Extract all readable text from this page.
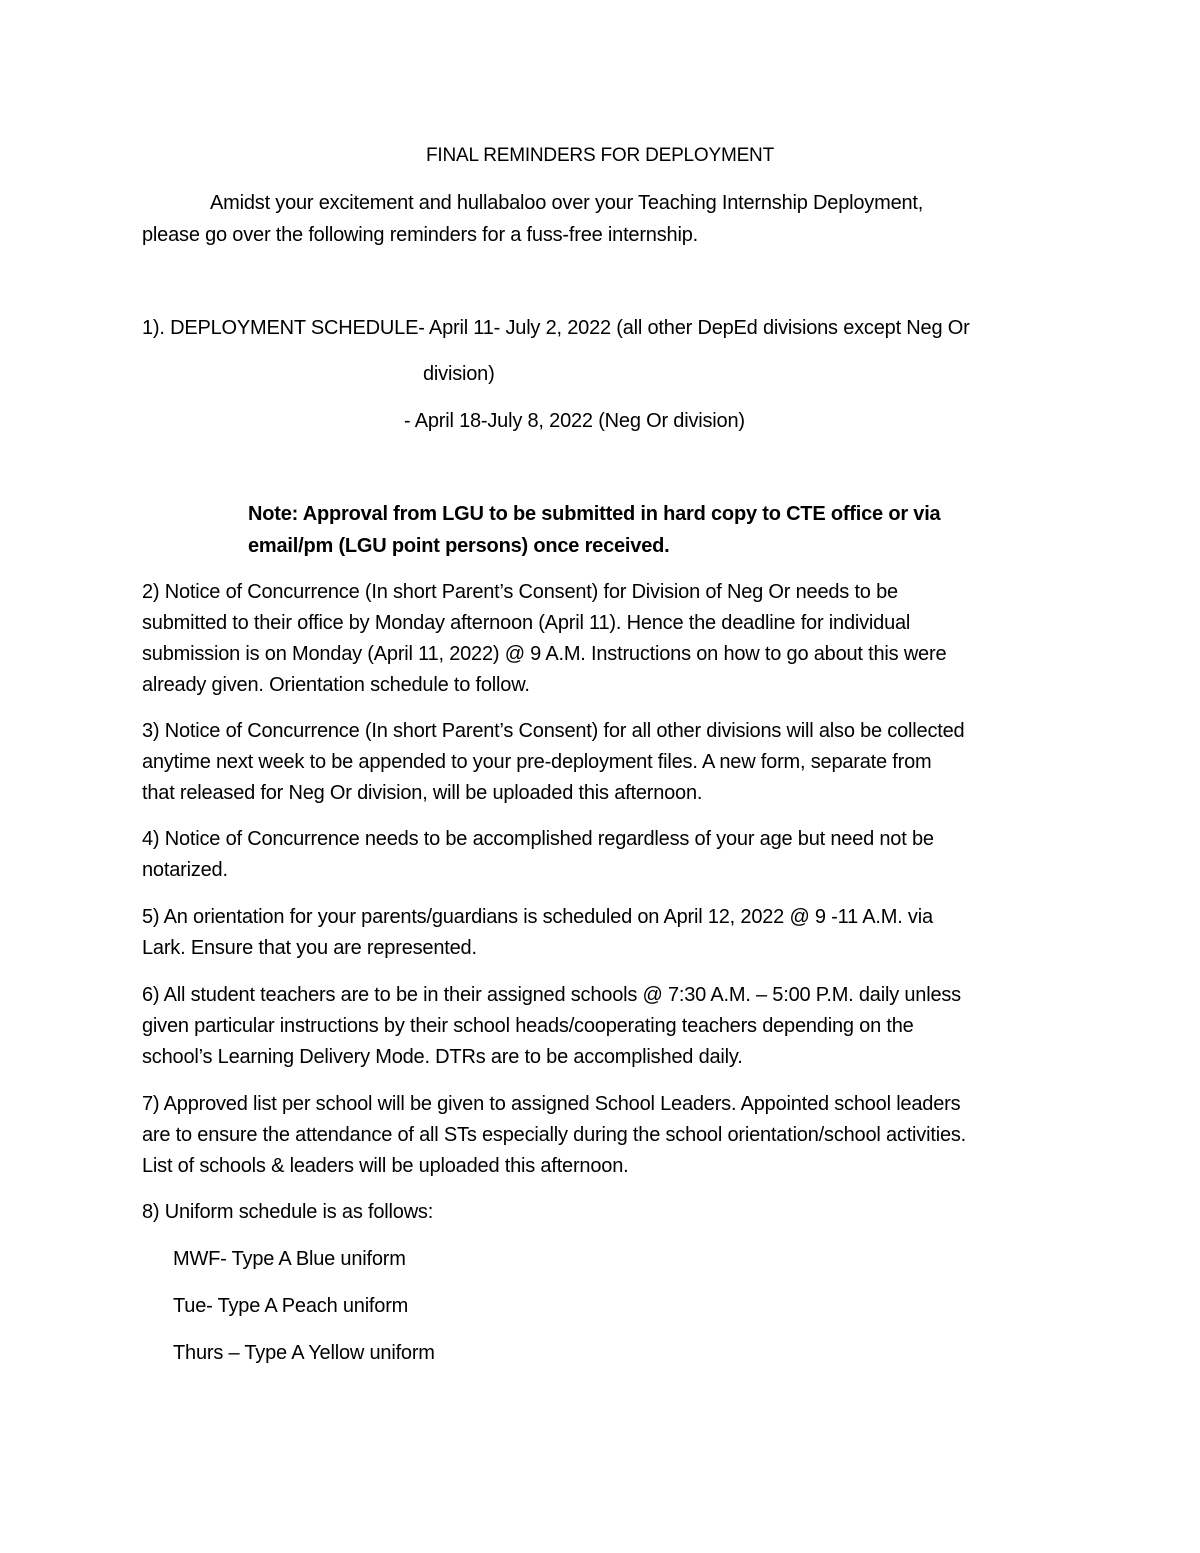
FINAL REMINDERS FOR DEPLOYMENT
Amidst your excitement and hullabaloo over your Teaching Internship Deployment,
please go over the following reminders for a fuss-free internship.
1). DEPLOYMENT SCHEDULE- April 11- July 2, 2022 (all other DepEd divisions except Neg Or
division)
- April 18-July 8, 2022 (Neg Or division)
Note: Approval from LGU to be submitted in hard copy to CTE office or via
email/pm (LGU point persons) once received.
2) Notice of Concurrence (In short Parent’s Consent) for Division of Neg Or needs to be
submitted to their office by Monday afternoon (April 11). Hence the deadline for individual
submission is on Monday (April 11, 2022) @ 9 A.M. Instructions on how to go about this were
already given. Orientation schedule to follow.
3) Notice of Concurrence (In short Parent’s Consent) for all other divisions will also be collected
anytime next week to be appended to your pre-deployment files. A new form, separate from
that released for Neg Or division, will be uploaded this afternoon.
4) Notice of Concurrence needs to be accomplished regardless of your age but need not be
notarized.
5) An orientation for your parents/guardians is scheduled on April 12, 2022 @ 9 -11 A.M. via
Lark. Ensure that you are represented.
6) All student teachers are to be in their assigned schools @ 7:30 A.M. – 5:00 P.M. daily unless
given particular instructions by their school heads/cooperating teachers depending on the
school’s Learning Delivery Mode. DTRs are to be accomplished daily.
7) Approved list per school will be given to assigned School Leaders. Appointed school leaders
are to ensure the attendance of all STs especially during the school orientation/school activities.
List of schools & leaders will be uploaded this afternoon.
8) Uniform schedule is as follows:
MWF- Type A Blue uniform
Tue- Type A Peach uniform
Thurs – Type A Yellow uniform
